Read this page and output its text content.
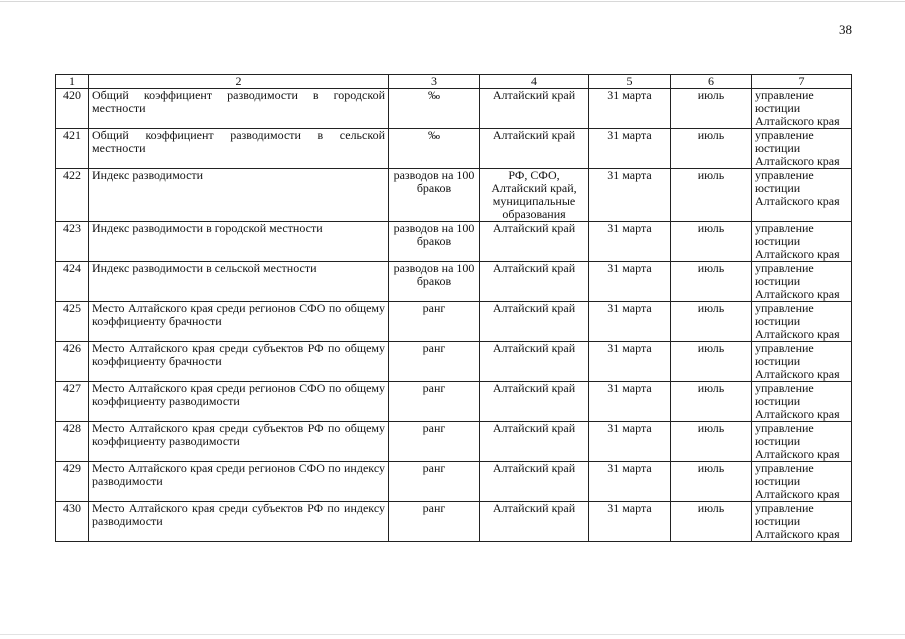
38
1	2	3	4	5	6	7
420	Общий коэффициент разводимости в городской местности	‰	Алтайский край	31 марта	июль	управление юстиции Алтайского края
421	Общий коэффициент разводимости в сельской местности	‰	Алтайский край	31 марта	июль	управление юстиции Алтайского края
422	Индекс разводимости	разводов на 100 браков	РФ, СФО, Алтайский край, муниципальные образования	31 марта	июль	управление юстиции Алтайского края
423	Индекс разводимости в городской местности	разводов на 100 браков	Алтайский край	31 марта	июль	управление юстиции Алтайского края
424	Индекс разводимости в сельской местности	разводов на 100 браков	Алтайский край	31 марта	июль	управление юстиции Алтайского края
425	Место Алтайского края среди регионов СФО по общему коэффициенту брачности	ранг	Алтайский край	31 марта	июль	управление юстиции Алтайского края
426	Место Алтайского края среди субъектов РФ по общему коэффициенту брачности	ранг	Алтайский край	31 марта	июль	управление юстиции Алтайского края
427	Место Алтайского края среди регионов СФО по общему коэффициенту разводимости	ранг	Алтайский край	31 марта	июль	управление юстиции Алтайского края
428	Место Алтайского края среди субъектов РФ по общему коэффициенту разводимости	ранг	Алтайский край	31 марта	июль	управление юстиции Алтайского края
429	Место Алтайского края среди регионов СФО по индексу разводимости	ранг	Алтайский край	31 марта	июль	управление юстиции Алтайского края
430	Место Алтайского края среди субъектов РФ по индексу разводимости	ранг	Алтайский край	31 марта	июль	управление юстиции Алтайского края
